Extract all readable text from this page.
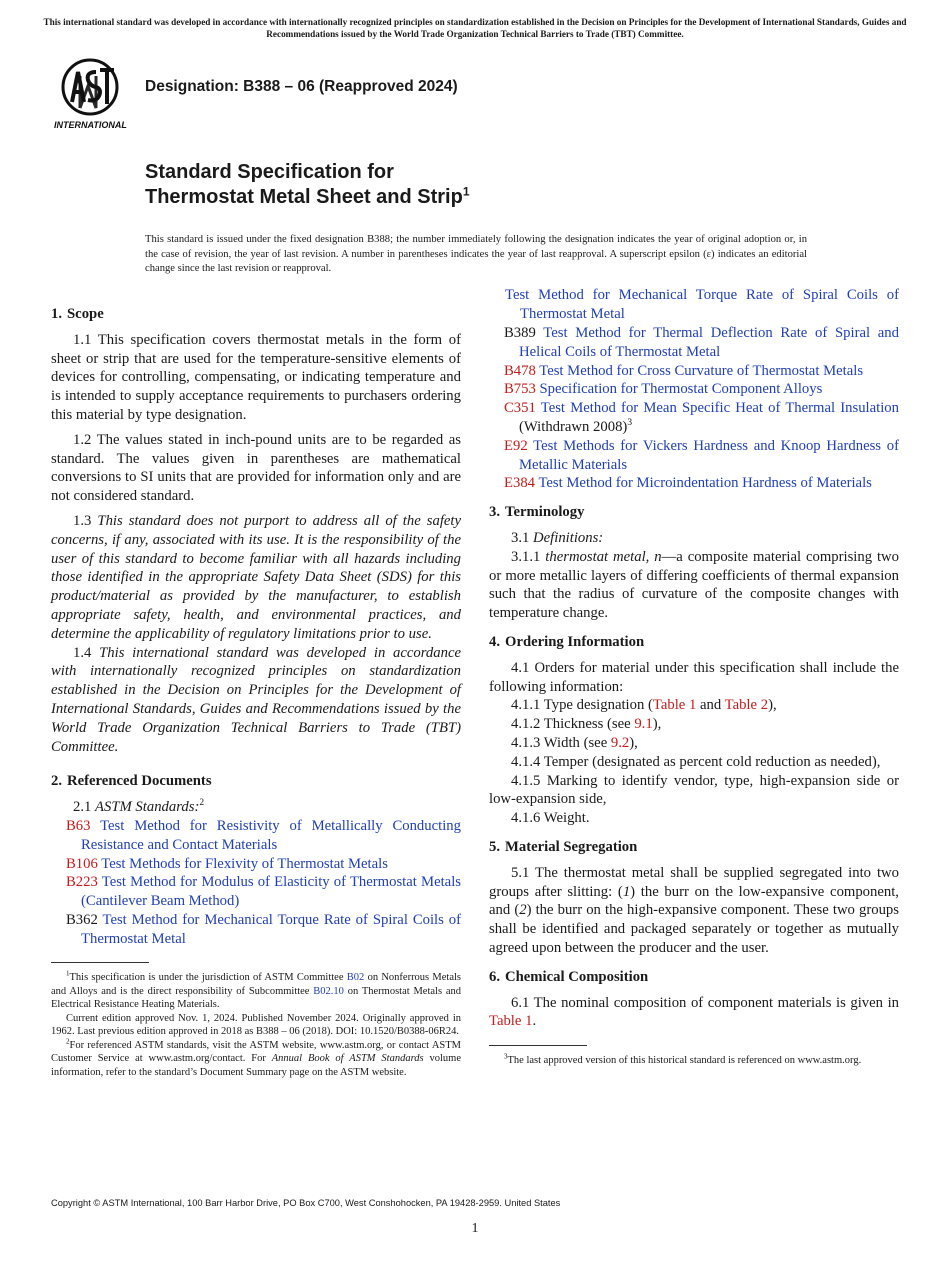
This international standard was developed in accordance with internationally recognized principles on standardization established in the Decision on Principles for the Development of International Standards, Guides and Recommendations issued by the World Trade Organization Technical Barriers to Trade (TBT) Committee.
INTERNATIONAL
Designation: B388 – 06 (Reapproved 2024)
Standard Specification for
Thermostat Metal Sheet and Strip$^1$
This standard is issued under the fixed designation B388; the number immediately following the designation indicates the year of original adoption or, in the case of revision, the year of last revision. A number in parentheses indicates the year of last reapproval. A superscript epsilon (ε) indicates an editorial change since the last revision or reapproval.
1. Scope

1.1 This specification covers thermostat metals in the form of sheet or strip that are used for the temperature-sensitive elements of devices for controlling, compensating, or indicating temperature and is intended to supply acceptance requirements to purchasers ordering this material by type designation.

1.2 The values stated in inch-pound units are to be regarded as standard. The values given in parentheses are mathematical conversions to SI units that are provided for information only and are not considered standard.

1.3 This standard does not purport to address all of the safety concerns, if any, associated with its use. It is the responsibility of the user of this standard to become familiar with all hazards including those identified in the appropriate Safety Data Sheet (SDS) for this product/material as provided by the manufacturer, to establish appropriate safety, health, and environmental practices, and determine the applicability of regulatory limitations prior to use.

1.4 This international standard was developed in accordance with internationally recognized principles on standardization established in the Decision on Principles for the Development of International Standards, Guides and Recommendations issued by the World Trade Organization Technical Barriers to Trade (TBT) Committee.

2. Referenced Documents

2.1 ASTM Standards:$^2$

B63 Test Method for Resistivity of Metallically Conducting Resistance and Contact Materials
B106 Test Methods for Flexivity of Thermostat Metals
B223 Test Method for Modulus of Elasticity of Thermostat Metals (Cantilever Beam Method)
B362 Test Method for Mechanical Torque Rate of Spiral Coils of Thermostat Metal

$^1$This specification is under the jurisdiction of ASTM Committee B02 on Nonferrous Metals and Alloys and is the direct responsibility of Subcommittee B02.10 on Thermostat Metals and Electrical Resistance Heating Materials.

Current edition approved Nov. 1, 2024. Published November 2024. Originally approved in 1962. Last previous edition approved in 2018 as B388 – 06 (2018). DOI: 10.1520/B0388-06R24.

$^2$For referenced ASTM standards, visit the ASTM website, www.astm.org, or contact ASTM Customer Service at www.astm.org/contact. For Annual Book of ASTM Standards volume information, refer to the standard’s Document Summary page on the ASTM website.

Test Method for Mechanical Torque Rate of Spiral Coils of Thermostat Metal
B389 Test Method for Thermal Deflection Rate of Spiral and Helical Coils of Thermostat Metal
B478 Test Method for Cross Curvature of Thermostat Metals
B753 Specification for Thermostat Component Alloys
C351 Test Method for Mean Specific Heat of Thermal Insulation (Withdrawn 2008)$^3$
E92 Test Methods for Vickers Hardness and Knoop Hardness of Metallic Materials
E384 Test Method for Microindentation Hardness of Materials
3. Terminology

3.1 Definitions:

3.1.1 thermostat metal, n—a composite material comprising two or more metallic layers of differing coefficients of thermal expansion such that the radius of curvature of the composite changes with temperature change.

4. Ordering Information

4.1 Orders for material under this specification shall include the following information:

4.1.1 Type designation (Table 1 and Table 2),

4.1.2 Thickness (see 9.1),

4.1.3 Width (see 9.2),

4.1.4 Temper (designated as percent cold reduction as needed),

4.1.5 Marking to identify vendor, type, high-expansion side or low-expansion side,

4.1.6 Weight.

5. Material Segregation

5.1 The thermostat metal shall be supplied segregated into two groups after slitting: (1) the burr on the low-expansive component, and (2) the burr on the high-expansive component. These two groups shall be identified and packaged separately or together as mutually agreed upon between the producer and the user.

6. Chemical Composition

6.1 The nominal composition of component materials is given in Table 1.

$^3$The last approved version of this historical standard is referenced on www.astm.org.

Copyright © ASTM International, 100 Barr Harbor Drive, PO Box C700, West Conshohocken, PA 19428-2959. United States
1
